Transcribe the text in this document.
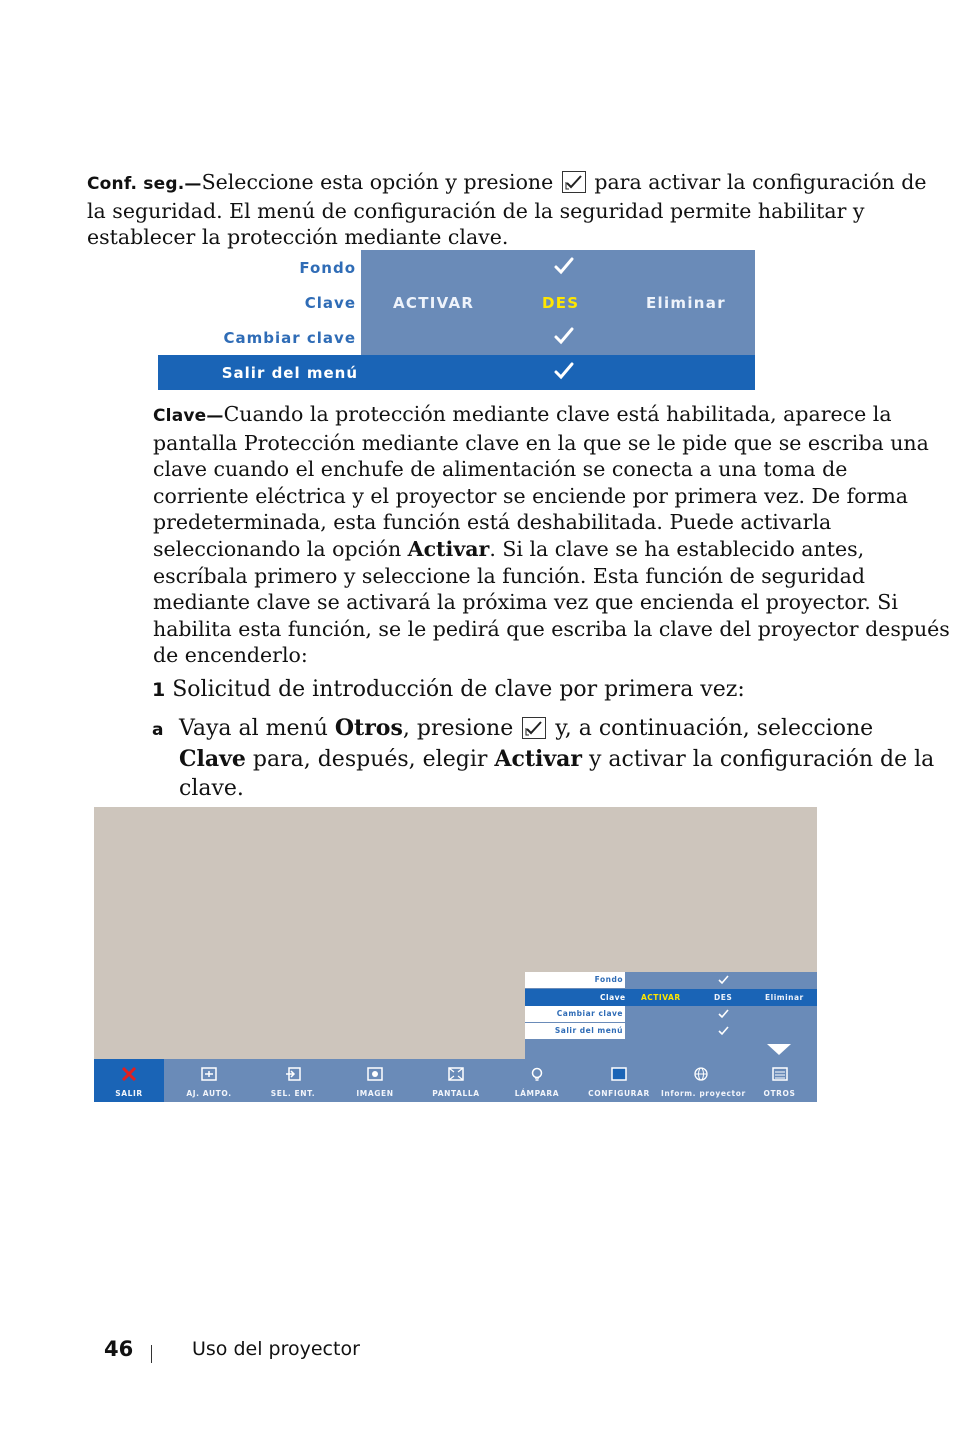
Conf. seg.—Seleccione esta opción y presione para activar la configuración de
la seguridad. El menú de configuración de la seguridad permite habilitar y
establecer la protección mediante clave.
Fondo
Clave ACTIVAR	DES	Eliminar
Cambiar clave
Salir del menú
Clave—Cuando la protección mediante clave está habilitada, aparece la
pantalla Protección mediante clave en la que se le pide que se escriba una
clave cuando el enchufe de alimentación se conecta a una toma de
corriente eléctrica y el proyector se enciende por primera vez. De forma
predeterminada, esta función está deshabilitada. Puede activarla
seleccionando la opción Activar. Si la clave se ha establecido antes,
escríbala primero y seleccione la función. Esta función de seguridad
mediante clave se activará la próxima vez que encienda el proyector. Si
habilita esta función, se le pedirá que escriba la clave del proyector después
de encenderlo:
1 Solicitud de introducción de clave por primera vez:
a Vaya al menú Otros, presione y, a continuación, seleccione
Clave para, después, elegir Activar y activar la configuración de la
clave.
Fondo
Clave ACTIVAR	DES	Eliminar
Cambiar clave
Salir del menú
SALIR	AJ. AUTO.	SEL. ENT.	IMAGEN	PANTALLA	LÁMPARA	CONFIGURAR	Inform. proyector	OTROS
46	Uso del proyector
